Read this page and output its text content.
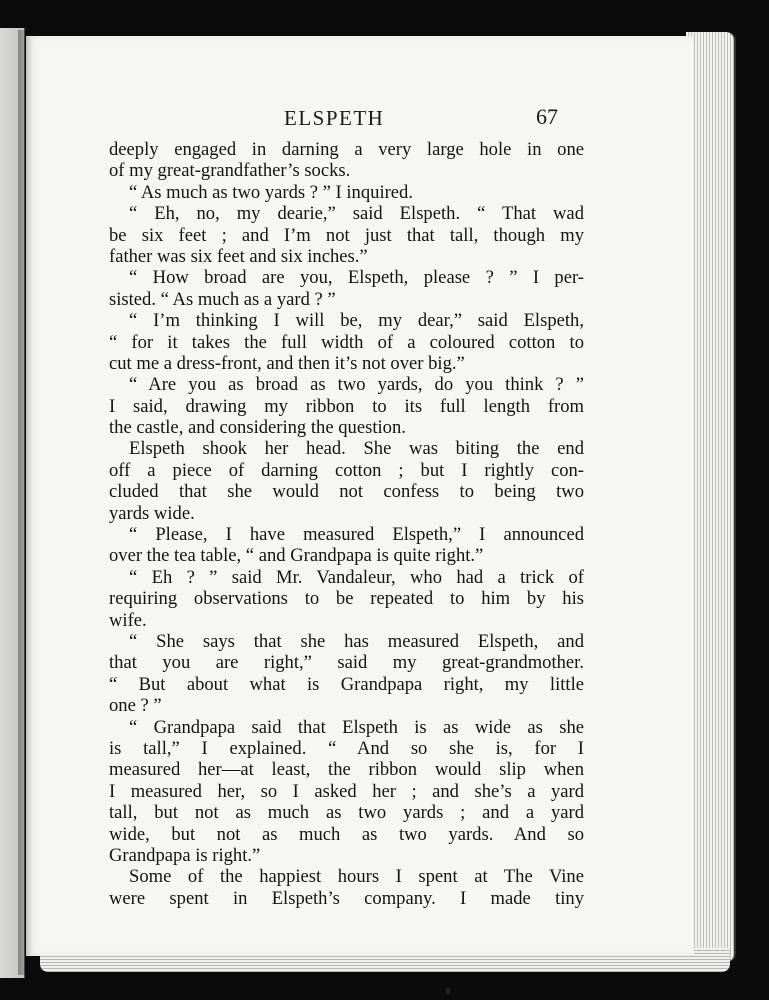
ELSPETH	67
deeply engaged in darning a very large hole in one
of my great-grandfather’s socks.
“ As much as two yards ? ” I inquired.
“ Eh, no, my dearie,” said Elspeth. “ That wad
be six feet ; and I’m not just that tall, though my
father was six feet and six inches.”
“ How broad are you, Elspeth, please ? ” I per-
sisted. “ As much as a yard ? ”
“ I’m thinking I will be, my dear,” said Elspeth,
“ for it takes the full width of a coloured cotton to
cut me a dress-front, and then it’s not over big.”
“ Are you as broad as two yards, do you think ? ”
I said, drawing my ribbon to its full length from
the castle, and considering the question.
Elspeth shook her head. She was biting the end
off a piece of darning cotton ; but I rightly con-
cluded that she would not confess to being two
yards wide.
“ Please, I have measured Elspeth,” I announced
over the tea table, “ and Grandpapa is quite right.”
“ Eh ? ” said Mr. Vandaleur, who had a trick of
requiring observations to be repeated to him by his
wife.
“ She says that she has measured Elspeth, and
that you are right,” said my great-grandmother.
“ But about what is Grandpapa right, my little
one ? ”
“ Grandpapa said that Elspeth is as wide as she
is tall,” I explained. “ And so she is, for I
measured her—at least, the ribbon would slip when
I measured her, so I asked her ; and she’s a yard
tall, but not as much as two yards ; and a yard
wide, but not as much as two yards. And so
Grandpapa is right.”
Some of the happiest hours I spent at The Vine
were spent in Elspeth’s company. I made tiny
